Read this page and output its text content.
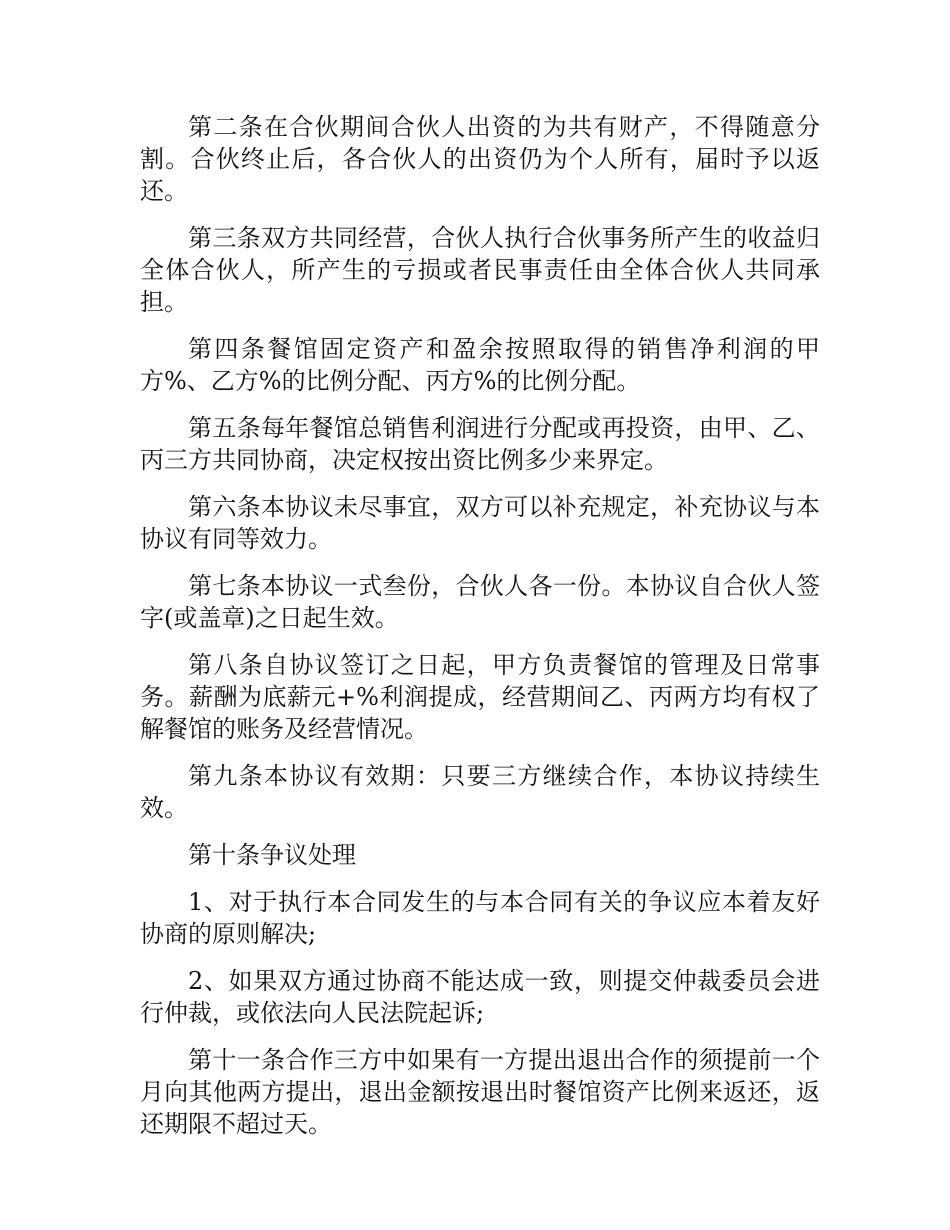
第二条在合伙期间合伙人出资的为共有财产，不得随意分割。合伙终止后，各合伙人的出资仍为个人所有，届时予以返还。

第三条双方共同经营，合伙人执行合伙事务所产生的收益归全体合伙人，所产生的亏损或者民事责任由全体合伙人共同承担。

第四条餐馆固定资产和盈余按照取得的销售净利润的甲方%、乙方%的比例分配、丙方%的比例分配。

第五条每年餐馆总销售利润进行分配或再投资，由甲、乙、丙三方共同协商，决定权按出资比例多少来界定。

第六条本协议未尽事宜，双方可以补充规定，补充协议与本协议有同等效力。

第七条本协议一式叁份，合伙人各一份。本协议自合伙人签字(或盖章)之日起生效。

第八条自协议签订之日起，甲方负责餐馆的管理及日常事务。薪酬为底薪元+%利润提成，经营期间乙、丙两方均有权了解餐馆的账务及经营情况。

第九条本协议有效期：只要三方继续合作，本协议持续生效。

第十条争议处理

1、对于执行本合同发生的与本合同有关的争议应本着友好协商的原则解决;

2、如果双方通过协商不能达成一致，则提交仲裁委员会进行仲裁，或依法向人民法院起诉;

第十一条合作三方中如果有一方提出退出合作的须提前一个月向其他两方提出，退出金额按退出时餐馆资产比例来返还，返还期限不超过天。
